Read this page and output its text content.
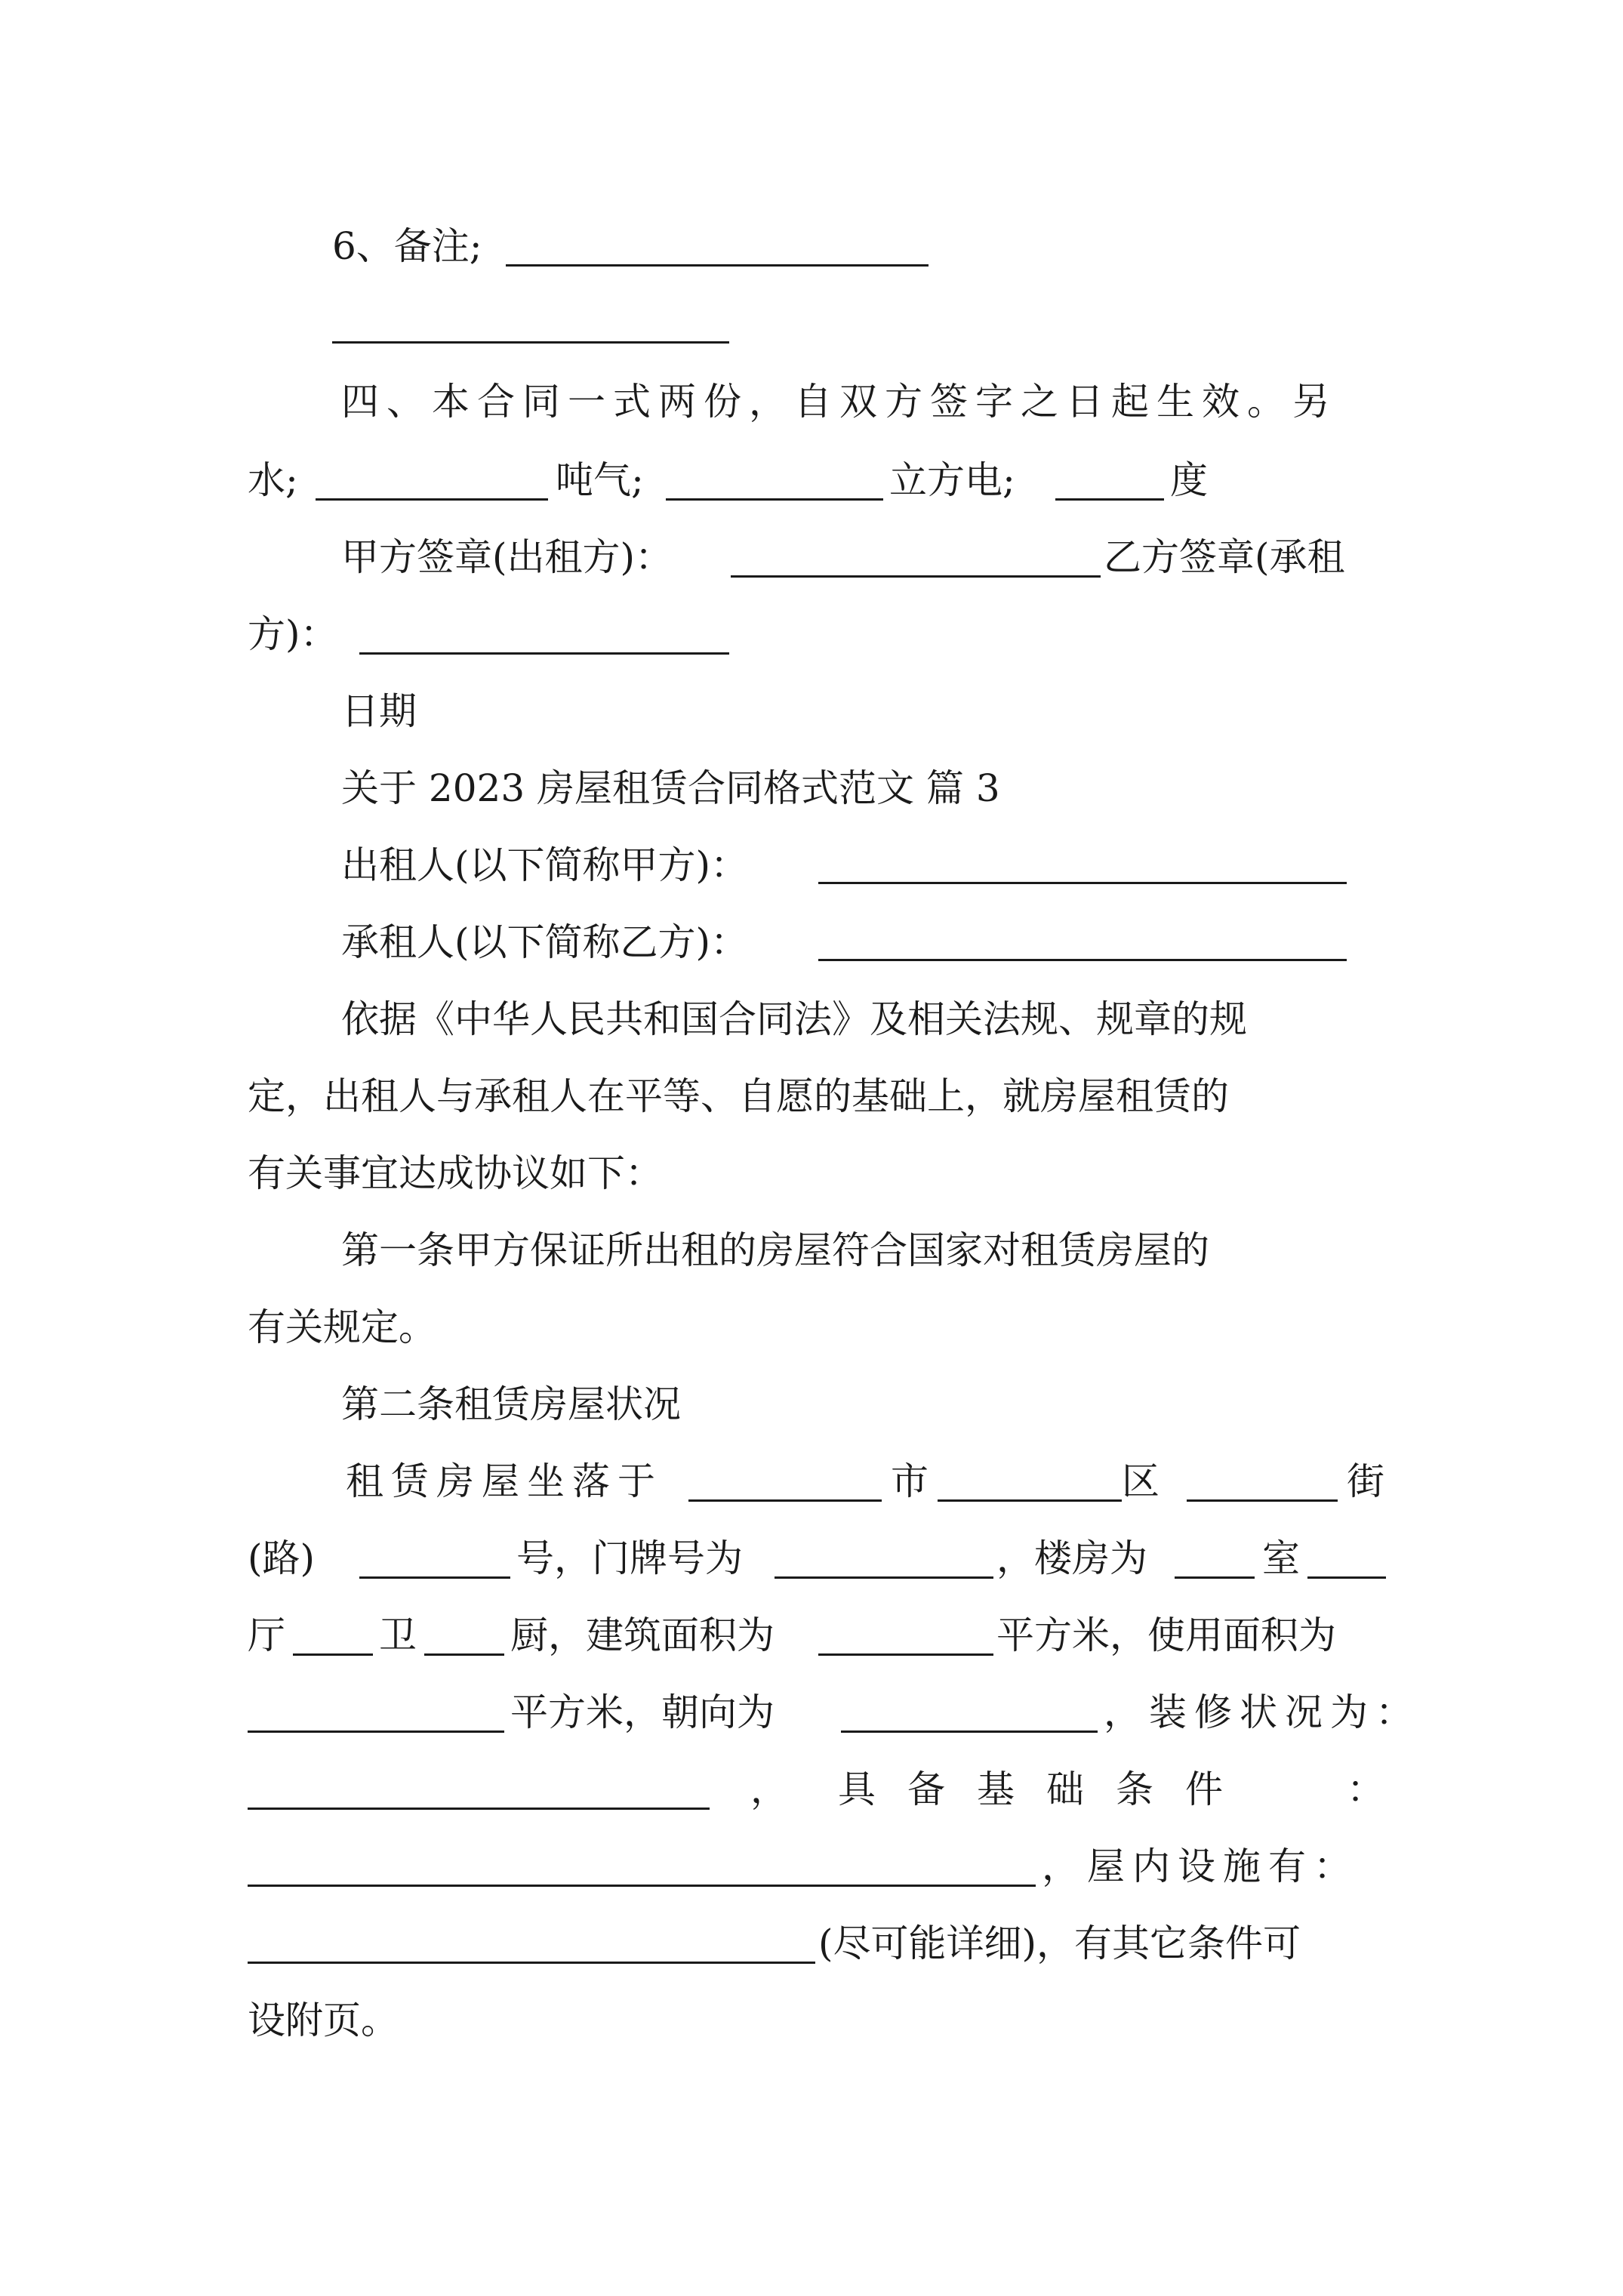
6、备注;
四、本合同一式两份，自双方签字之日起生效。另
水;	吨气;	立方电;	度
甲方签章(出租方)：	乙方签章(承租
方)：
日期
关于 2023 房屋租赁合同格式范文 篇 3
出租人(以下简称甲方)：
承租人(以下简称乙方)：
依据《中华人民共和国合同法》及相关法规、规章的规
定，出租人与承租人在平等、自愿的基础上，就房屋租赁的
有关事宜达成协议如下：
第一条甲方保证所出租的房屋符合国家对租赁房屋的
有关规定。
第二条租赁房屋状况
租赁房屋坐落于	市	区	街
(路)	号，门牌号为	，楼房为	室
厅 卫 厨，建筑面积为	平方米，使用面积为
平方米，朝向为	，装修状况为：
， 具备基础条件 ：
，屋内设施有：
(尽可能详细)，有其它条件可
设附页。
